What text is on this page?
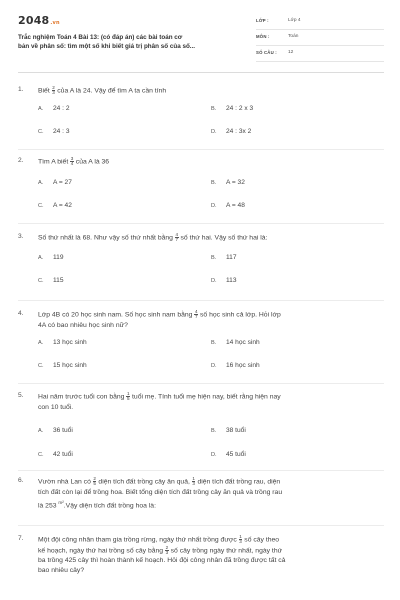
2048.vn
Trắc nghiệm Toán 4 Bài 13: (có đáp án) các bài toán cơ
bản về phân số: tìm một số khi biết giá trị phân số của số...
LỚP :	Lớp 4
MÔN :	Toán
SỐ CÂU : 12
1. Biết $\frac{2}{3}$ của A là 24. Vậy để tìm A ta cần tính
A. 24 : 2	B. 24 : 2 x 3
C. 24 : 3	D. 24 : 3x 2
2. Tìm A biết $\frac{3}{4}$ của A là 36
A. A = 27	B. A = 32
C. A = 42	D. A = 48
3. Số thứ nhất là 68. Như vậy số thứ nhất bằng $\frac{4}{7}$ số thứ hai. Vậy số thứ hai là:
A. 119	B. 117
C. 115	D. 113
4. Lớp 4B có 20 học sinh nam. Số học sinh nam bằng $\frac{4}{7}$ số học sinh cả lớp. Hỏi lớp
4A có bao nhiêu học sinh nữ?
A. 13 học sinh	B. 14 học sinh
C. 15 học sinh	D. 16 học sinh
5. Hai năm trước tuổi con bằng $\frac{1}{5}$ tuổi mẹ. Tính tuổi mẹ hiện nay, biết rằng hiện nay
con 10 tuổi.
A. 36 tuổi	B. 38 tuổi
C. 42 tuổi	D. 45 tuổi
6. Vườn nhà Lan có $\frac{2}{5}$ diện tích đất trồng cây ăn quả, $\frac{1}{3}$ diện tích đất trồng rau, diện
tích đất còn lại để trồng hoa. Biết tổng diện tích đất trồng cây ăn quả và trồng rau
là 253 $^{m^2}$.Vậy diện tích đất trồng hoa là:
7. Một đội công nhân tham gia trồng rừng, ngày thứ nhất trồng được $\frac{1}{3}$ số cây theo
kế hoạch, ngày thứ hai trồng số cây bằng $\frac{2}{3}$ số cây trồng ngày thứ nhất, ngày thứ
ba trồng 425 cây thì hoàn thành kế hoạch. Hỏi đội công nhân đã trồng được tất cả
bao nhiêu cây?
